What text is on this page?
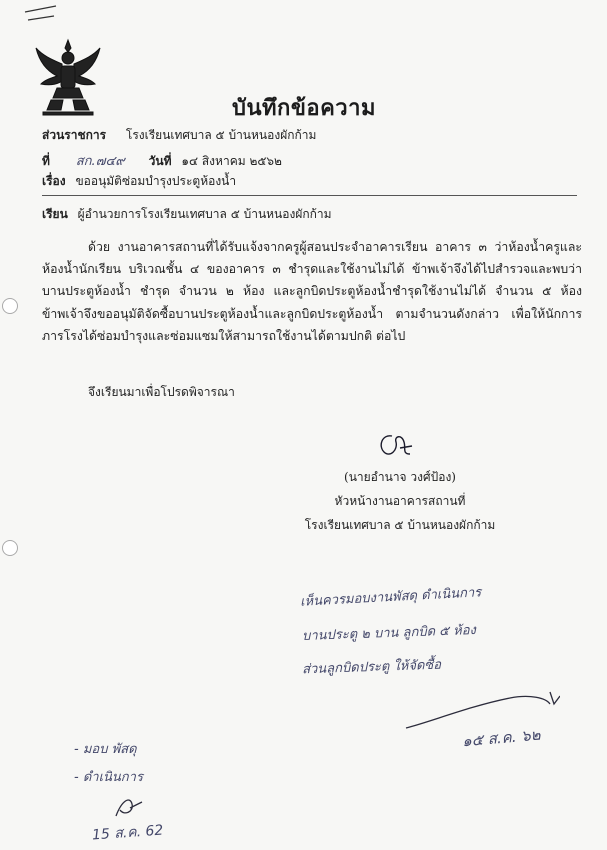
บันทึกข้อความ
ส่วนราชการ โรงเรียนเทศบาล ๕ บ้านหนองผักก้าม
ที่ สก.๗๔๙ วันที่ ๑๔ สิงหาคม ๒๕๖๒
เรื่อง ขออนุมัติซ่อมบำรุงประตูห้องน้ำ
เรียน ผู้อำนวยการโรงเรียนเทศบาล ๕ บ้านหนองผักก้าม
ด้วย งานอาคารสถานที่ได้รับแจ้งจากครูผู้สอนประจำอาคารเรียน อาคาร ๓ ว่าห้องน้ำครูและห้องน้ำนักเรียน บริเวณชั้น ๔ ของอาคาร ๓ ชำรุดและใช้งานไม่ได้ ข้าพเจ้าจึงได้ไปสำรวจและพบว่า บานประตูห้องน้ำ ชำรุด จำนวน ๒ ห้อง และลูกบิดประตูห้องน้ำชำรุดใช้งานไม่ได้ จำนวน ๕ ห้อง ข้าพเจ้าจึงขออนุมัติจัดซื้อบานประตูห้องน้ำและลูกบิดประตูห้องน้ำ ตามจำนวนดังกล่าว เพื่อให้นักการภารโรงได้ซ่อมบำรุงและซ่อมแซมให้สามารถใช้งานได้ตามปกติ ต่อไป
จึงเรียนมาเพื่อโปรดพิจารณา
(นายอำนาจ วงศ์ป้อง)
หัวหน้างานอาคารสถานที่
โรงเรียนเทศบาล ๕ บ้านหนองผักก้าม
เห็นควรมอบงานพัสดุ ดำเนินการ
บานประตู ๒ บาน ลูกบิด ๕ ห้อง
ส่วนลูกบิดประตู ให้จัดซื้อ
๑๕ ส.ค. ๖๒
- มอบ พัสดุ
- ดำเนินการ
15 ส.ค. 62
